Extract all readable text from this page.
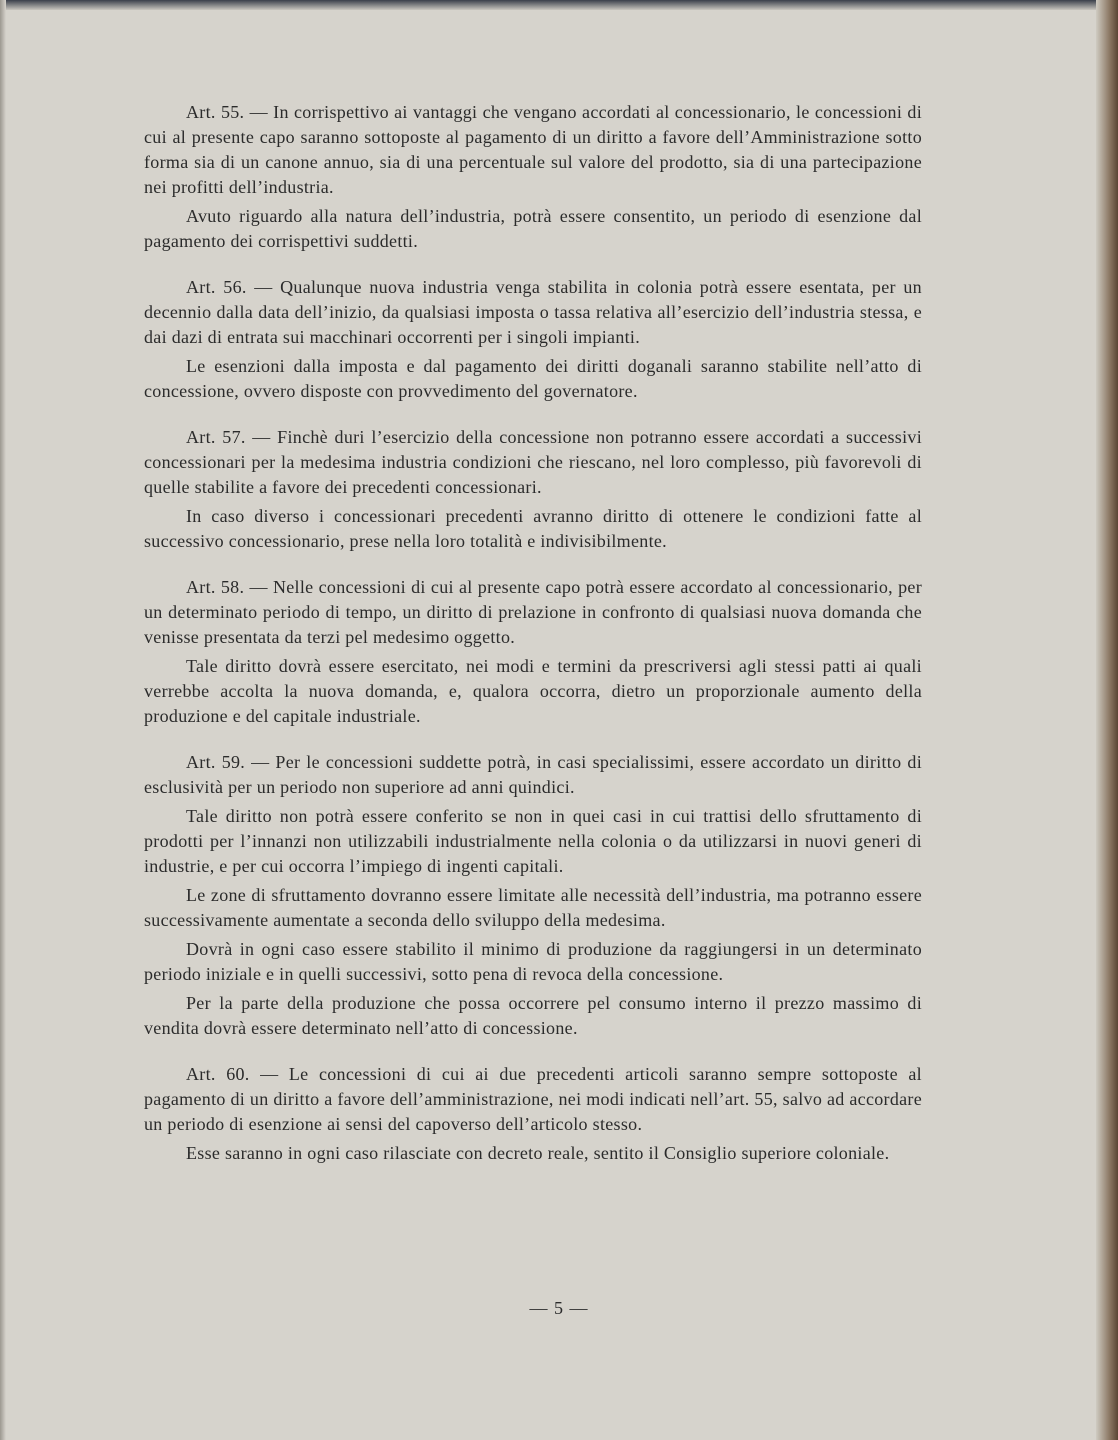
Art. 55. — In corrispettivo ai vantaggi che vengano accordati al concessionario, le concessioni di cui al presente capo saranno sottoposte al pagamento di un diritto a favore dell’Amministrazione sotto forma sia di un canone annuo, sia di una percentuale sul valore del prodotto, sia di una partecipazione nei profitti dell’industria.

Avuto riguardo alla natura dell’industria, potrà essere consentito, un periodo di esenzione dal pagamento dei corrispettivi suddetti.

Art. 56. — Qualunque nuova industria venga stabilita in colonia potrà essere esentata, per un decennio dalla data dell’inizio, da qualsiasi imposta o tassa relativa all’esercizio dell’industria stessa, e dai dazi di entrata sui macchinari occorrenti per i singoli impianti.

Le esenzioni dalla imposta e dal pagamento dei diritti doganali saranno stabilite nell’atto di concessione, ovvero disposte con provvedimento del governatore.

Art. 57. — Finchè duri l’esercizio della concessione non potranno essere accordati a successivi concessionari per la medesima industria condizioni che riescano, nel loro complesso, più favorevoli di quelle stabilite a favore dei precedenti concessionari.

In caso diverso i concessionari precedenti avranno diritto di ottenere le condizioni fatte al successivo concessionario, prese nella loro totalità e indivisibilmente.

Art. 58. — Nelle concessioni di cui al presente capo potrà essere accordato al concessionario, per un determinato periodo di tempo, un diritto di prelazione in confronto di qualsiasi nuova domanda che venisse presentata da terzi pel medesimo oggetto.

Tale diritto dovrà essere esercitato, nei modi e termini da prescriversi agli stessi patti ai quali verrebbe accolta la nuova domanda, e, qualora occorra, dietro un proporzionale aumento della produzione e del capitale industriale.

Art. 59. — Per le concessioni suddette potrà, in casi specialissimi, essere accordato un diritto di esclusività per un periodo non superiore ad anni quindici.

Tale diritto non potrà essere conferito se non in quei casi in cui trattisi dello sfruttamento di prodotti per l’innanzi non utilizzabili industrialmente nella colonia o da utilizzarsi in nuovi generi di industrie, e per cui occorra l’impiego di ingenti capitali.

Le zone di sfruttamento dovranno essere limitate alle necessità dell’industria, ma potranno essere successivamente aumentate a seconda dello sviluppo della medesima.

Dovrà in ogni caso essere stabilito il minimo di produzione da raggiungersi in un determinato periodo iniziale e in quelli successivi, sotto pena di revoca della concessione.

Per la parte della produzione che possa occorrere pel consumo interno il prezzo massimo di vendita dovrà essere determinato nell’atto di concessione.

Art. 60. — Le concessioni di cui ai due precedenti articoli saranno sempre sottoposte al pagamento di un diritto a favore dell’amministrazione, nei modi indicati nell’art. 55, salvo ad accordare un periodo di esenzione ai sensi del capoverso dell’articolo stesso.

Esse saranno in ogni caso rilasciate con decreto reale, sentito il Consiglio superiore coloniale.

— 5 —
